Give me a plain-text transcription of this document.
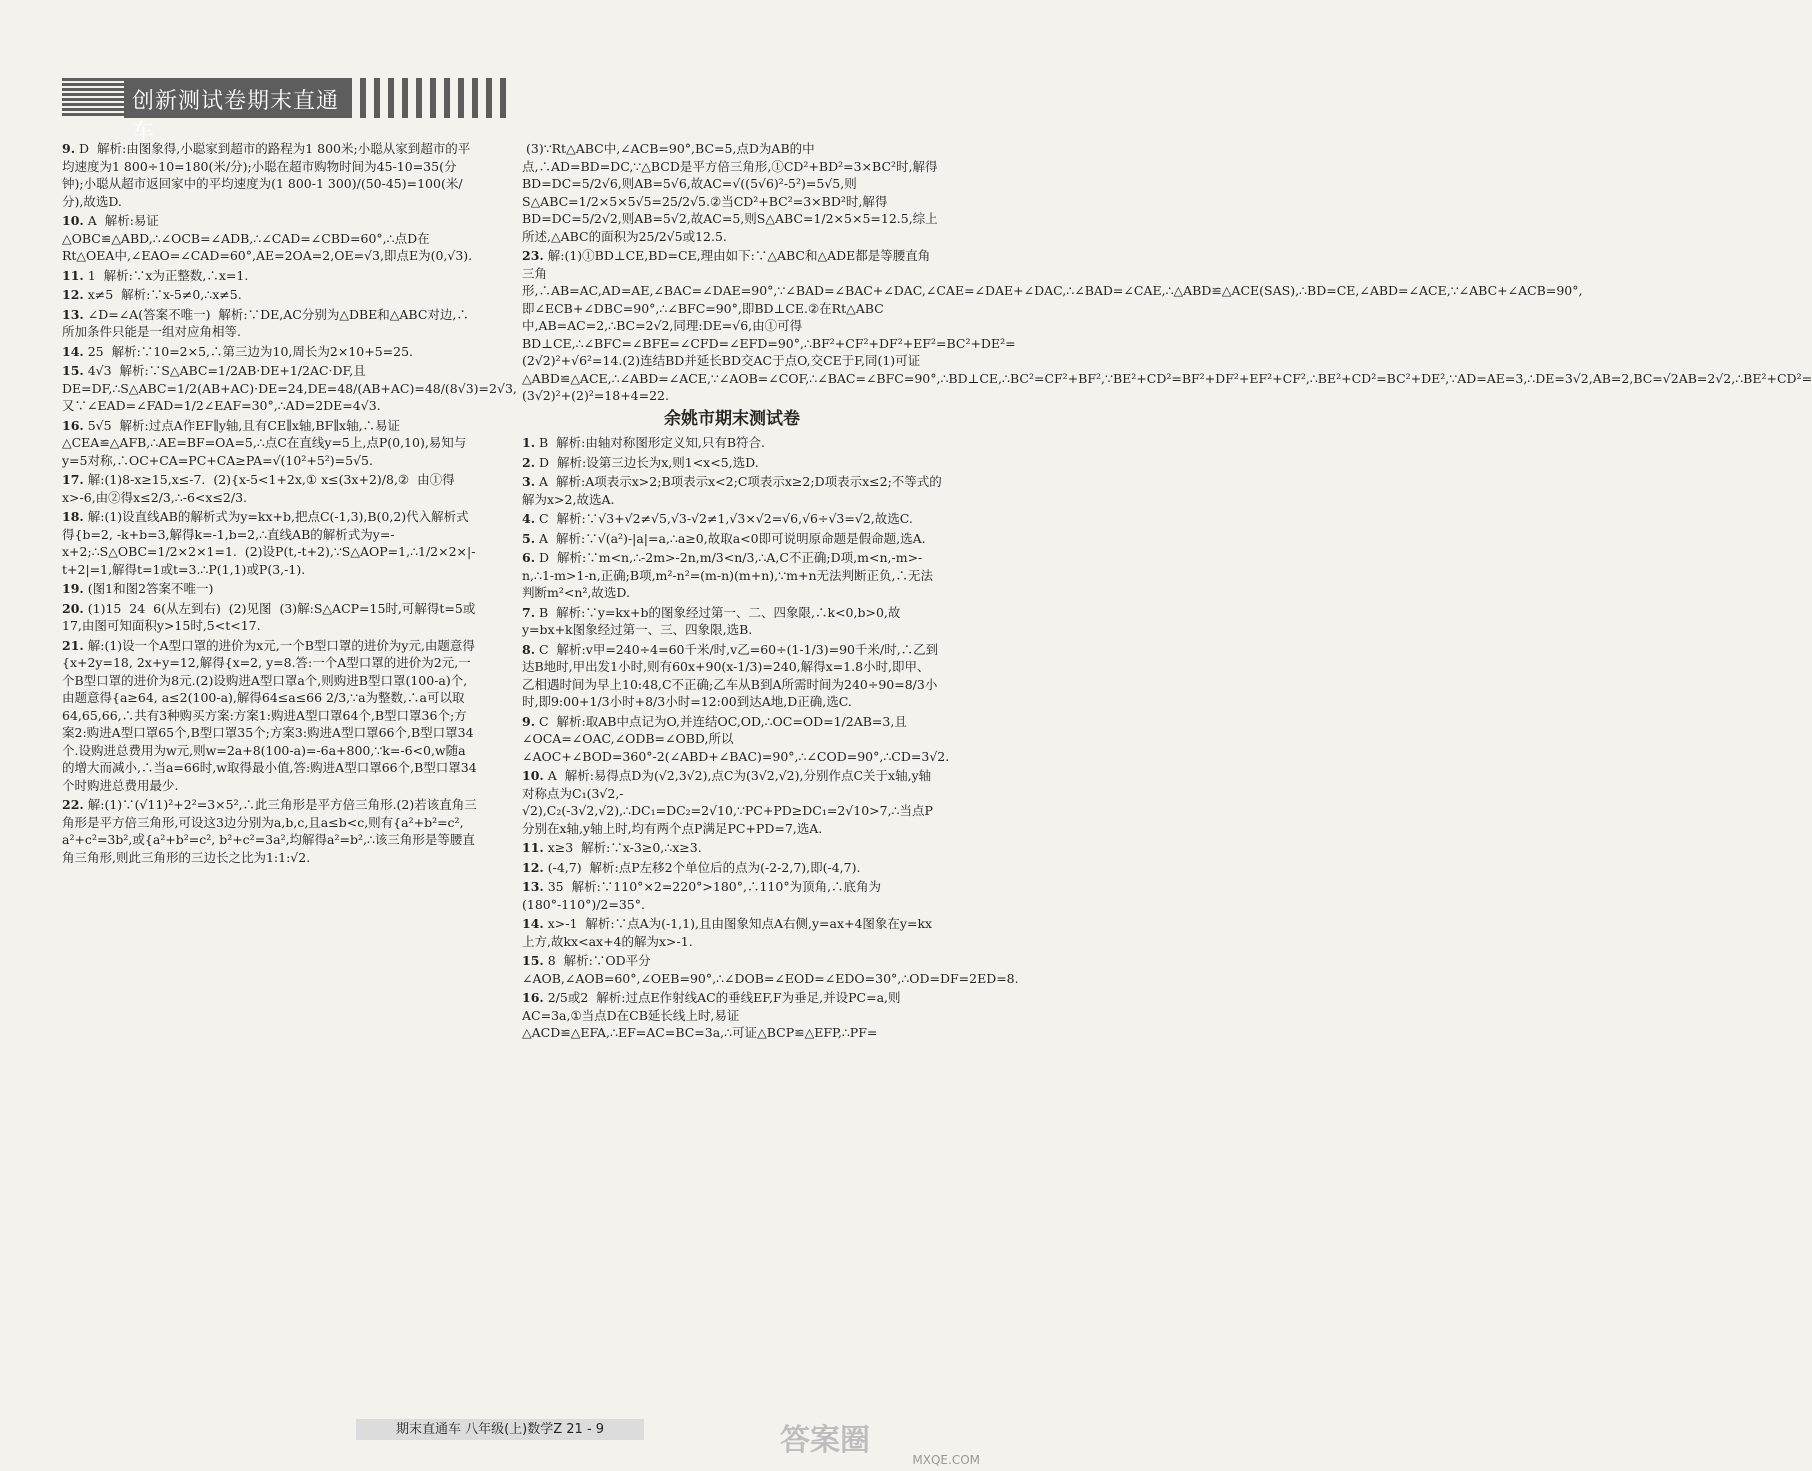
创新测试卷期末直通车
9. D  解析:由图象得,小聪家到超市的路程为1 800米;小聪从家到超市的平均速度为1 800÷10=180(米/分);小聪在超市购物时间为45-10=35(分钟);小聪从超市返回家中的平均速度为(1 800-1 300)/(50-45)=100(米/分),故选D.
10. A  解析:易证△OBC≌△ABD,∴∠OCB=∠ADB,∴∠CAD=∠CBD=60°,∴点D在Rt△OEA中,∠EAO=∠CAD=60°,AE=2OA=2,OE=√3,即点E为(0,√3).
11. 1  解析:∵x为正整数,∴x=1.
12. x≠5  解析:∵x-5≠0,∴x≠5.
13. ∠D=∠A(答案不唯一)  解析:∵DE,AC分别为△DBE和△ABC对边,∴所加条件只能是一组对应角相等.
14. 25  解析:∵10=2×5,∴第三边为10,周长为2×10+5=25.
15. 4√3  解析:∵S△ABC=1/2AB·DE+1/2AC·DF,且DE=DF,∴S△ABC=1/2(AB+AC)·DE=24,DE=48/(AB+AC)=48/(8√3)=2√3,又∵∠EAD=∠FAD=1/2∠EAF=30°,∴AD=2DE=4√3.
16. 5√5  解析:过点A作EF∥y轴,且有CE∥x轴,BF∥x轴,∴易证△CEA≌△AFB,∴AE=BF=OA=5,∴点C在直线y=5上,点P(0,10),易知与y=5对称,∴OC+CA=PC+CA≥PA=√(10²+5²)=5√5.
17. 解:(1)8-x≥15,x≤-7.  (2){x-5<1+2x,① x≤(3x+2)/8,②  由①得x>-6,由②得x≤2/3,∴-6<x≤2/3.
18. 解:(1)设直线AB的解析式为y=kx+b,把点C(-1,3),B(0,2)代入解析式得{b=2, -k+b=3,解得k=-1,b=2,∴直线AB的解析式为y=-x+2;∴S△OBC=1/2×2×1=1.  (2)设P(t,-t+2),∵S△AOP=1,∴1/2×2×|-t+2|=1,解得t=1或t=3.∴P(1,1)或P(3,-1).
19. (图1和图2答案不唯一)
20. (1)15  24  6(从左到右)  (2)见图  (3)解:S△ACP=15时,可解得t=5或17,由图可知面积y>15时,5<t<17.
21. 解:(1)设一个A型口罩的进价为x元,一个B型口罩的进价为y元,由题意得{x+2y=18, 2x+y=12,解得{x=2, y=8.答:一个A型口罩的进价为2元,一个B型口罩的进价为8元.(2)设购进A型口罩a个,则购进B型口罩(100-a)个,由题意得{a≥64, a≤2(100-a),解得64≤a≤66 2/3,∵a为整数,∴a可以取64,65,66,∴共有3种购买方案:方案1:购进A型口罩64个,B型口罩36个;方案2:购进A型口罩65个,B型口罩35个;方案3:购进A型口罩66个,B型口罩34个.设购进总费用为w元,则w=2a+8(100-a)=-6a+800,∵k=-6<0,w随a的增大而减小,∴当a=66时,w取得最小值,答:购进A型口罩66个,B型口罩34个时购进总费用最少.
22. 解:(1)∵(√11)²+2²=3×5²,∴此三角形是平方倍三角形.(2)若该直角三角形是平方倍三角形,可设这3边分别为a,b,c,且a≤b<c,则有{a²+b²=c², a²+c²=3b²,或{a²+b²=c², b²+c²=3a²,均解得a²=b²,∴该三角形是等腰直角三角形,则此三角形的三边长之比为1:1:√2.
(3)∵Rt△ABC中,∠ACB=90°,BC=5,点D为AB的中点,∴AD=BD=DC,∵△BCD是平方倍三角形,①CD²+BD²=3×BC²时,解得BD=DC=5/2√6,则AB=5√6,故AC=√((5√6)²-5²)=5√5,则S△ABC=1/2×5×5√5=25/2√5.②当CD²+BC²=3×BD²时,解得BD=DC=5/2√2,则AB=5√2,故AC=5,则S△ABC=1/2×5×5=12.5,综上所述,△ABC的面积为25/2√5或12.5.
23. 解:(1)①BD⊥CE,BD=CE,理由如下:∵△ABC和△ADE都是等腰直角三角形,∴AB=AC,AD=AE,∠BAC=∠DAE=90°,∵∠BAD=∠BAC+∠DAC,∠CAE=∠DAE+∠DAC,∴∠BAD=∠CAE,∴△ABD≌△ACE(SAS),∴BD=CE,∠ABD=∠ACE,∵∠ABC+∠ACB=90°,即∠ECB+∠DBC=90°,∴∠BFC=90°,即BD⊥CE.②在Rt△ABC中,AB=AC=2,∴BC=2√2,同理:DE=√6,由①可得BD⊥CE,∴∠BFC=∠BFE=∠CFD=∠EFD=90°,∴BF²+CF²+DF²+EF²=BC²+DE²=(2√2)²+√6²=14.(2)连结BD并延长BD交AC于点O,交CE于F,同(1)可证△ABD≌△ACE,∴∠ABD=∠ACE,∵∠AOB=∠COF,∴∠BAC=∠BFC=90°,∴BD⊥CE,∴BC²=CF²+BF²,∵BE²+CD²=BF²+DF²+EF²+CF²,∴BE²+CD²=BC²+DE²,∵AD=AE=3,∴DE=3√2,AB=2,BC=√2AB=2√2,∴BE²+CD²=(3√2)²+(2)²=18+4=22.
余姚市期末测试卷
1. B  解析:由轴对称图形定义知,只有B符合.
2. D  解析:设第三边长为x,则1<x<5,选D.
3. A  解析:A项表示x>2;B项表示x<2;C项表示x≥2;D项表示x≤2;不等式的解为x>2,故选A.
4. C  解析:∵√3+√2≠√5,√3-√2≠1,√3×√2=√6,√6÷√3=√2,故选C.
5. A  解析:∵√(a²)-|a|=a,∴a≥0,故取a<0即可说明原命题是假命题,选A.
6. D  解析:∵m<n,∴-2m>-2n,m/3<n/3,∴A,C不正确;D项,m<n,-m>-n,∴1-m>1-n,正确;B项,m²-n²=(m-n)(m+n),∵m+n无法判断正负,∴无法判断m²<n²,故选D.
7. B  解析:∵y=kx+b的图象经过第一、二、四象限,∴k<0,b>0,故y=bx+k图象经过第一、三、四象限,选B.
8. C  解析:v甲=240÷4=60千米/时,v乙=60÷(1-1/3)=90千米/时,∴乙到达B地时,甲出发1小时,则有60x+90(x-1/3)=240,解得x=1.8小时,即甲、乙相遇时间为早上10:48,C不正确;乙车从B到A所需时间为240÷90=8/3小时,即9:00+1/3小时+8/3小时=12:00到达A地,D正确,选C.
9. C  解析:取AB中点记为O,并连结OC,OD,∴OC=OD=1/2AB=3,且∠OCA=∠OAC,∠ODB=∠OBD,所以∠AOC+∠BOD=360°-2(∠ABD+∠BAC)=90°,∴∠COD=90°,∴CD=3√2.
10. A  解析:易得点D为(√2,3√2),点C为(3√2,√2),分别作点C关于x轴,y轴对称点为C₁(3√2,-√2),C₂(-3√2,√2),∴DC₁=DC₂=2√10,∵PC+PD≥DC₁=2√10>7,∴当点P分别在x轴,y轴上时,均有两个点P满足PC+PD=7,选A.
11. x≥3  解析:∵x-3≥0,∴x≥3.
12. (-4,7)  解析:点P左移2个单位后的点为(-2-2,7),即(-4,7).
13. 35  解析:∵110°×2=220°>180°,∴110°为顶角,∴底角为(180°-110°)/2=35°.
14. x>-1  解析:∵点A为(-1,1),且由图象知点A右侧,y=ax+4图象在y=kx上方,故kx<ax+4的解为x>-1.
15. 8  解析:∵OD平分∠AOB,∠AOB=60°,∠OEB=90°,∴∠DOB=∠EOD=∠EDO=30°,∴OD=DF=2ED=8.
16. 2/5或2  解析:过点E作射线AC的垂线EF,F为垂足,并设PC=a,则AC=3a,①当点D在CB延长线上时,易证△ACD≌△EFA,∴EF=AC=BC=3a,∴可证△BCP≌△EFP,∴PF=
期末直通车 八年级(上)数学Z 21 - 9	答案圈
MXQE.COM
